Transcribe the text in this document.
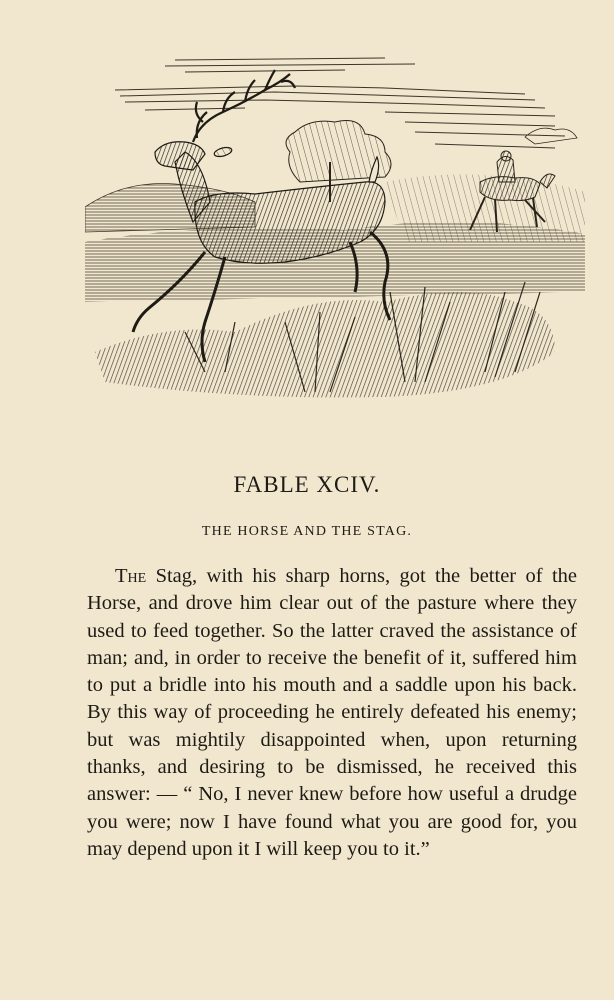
FABLE XCIV.
THE HORSE AND THE STAG.

The Stag, with his sharp horns, got the better of the Horse, and drove him clear out of the pasture where they used to feed together. So the latter craved the assistance of man; and, in order to receive the benefit of it, suffered him to put a bridle into his mouth and a saddle upon his back. By this way of proceeding he entirely defeated his enemy; but was mightily disappointed when, upon returning thanks, and desiring to be dismissed, he received this answer: — “ No, I never knew before how useful a drudge you were; now I have found what you are good for, you may depend upon it I will keep you to it.”
